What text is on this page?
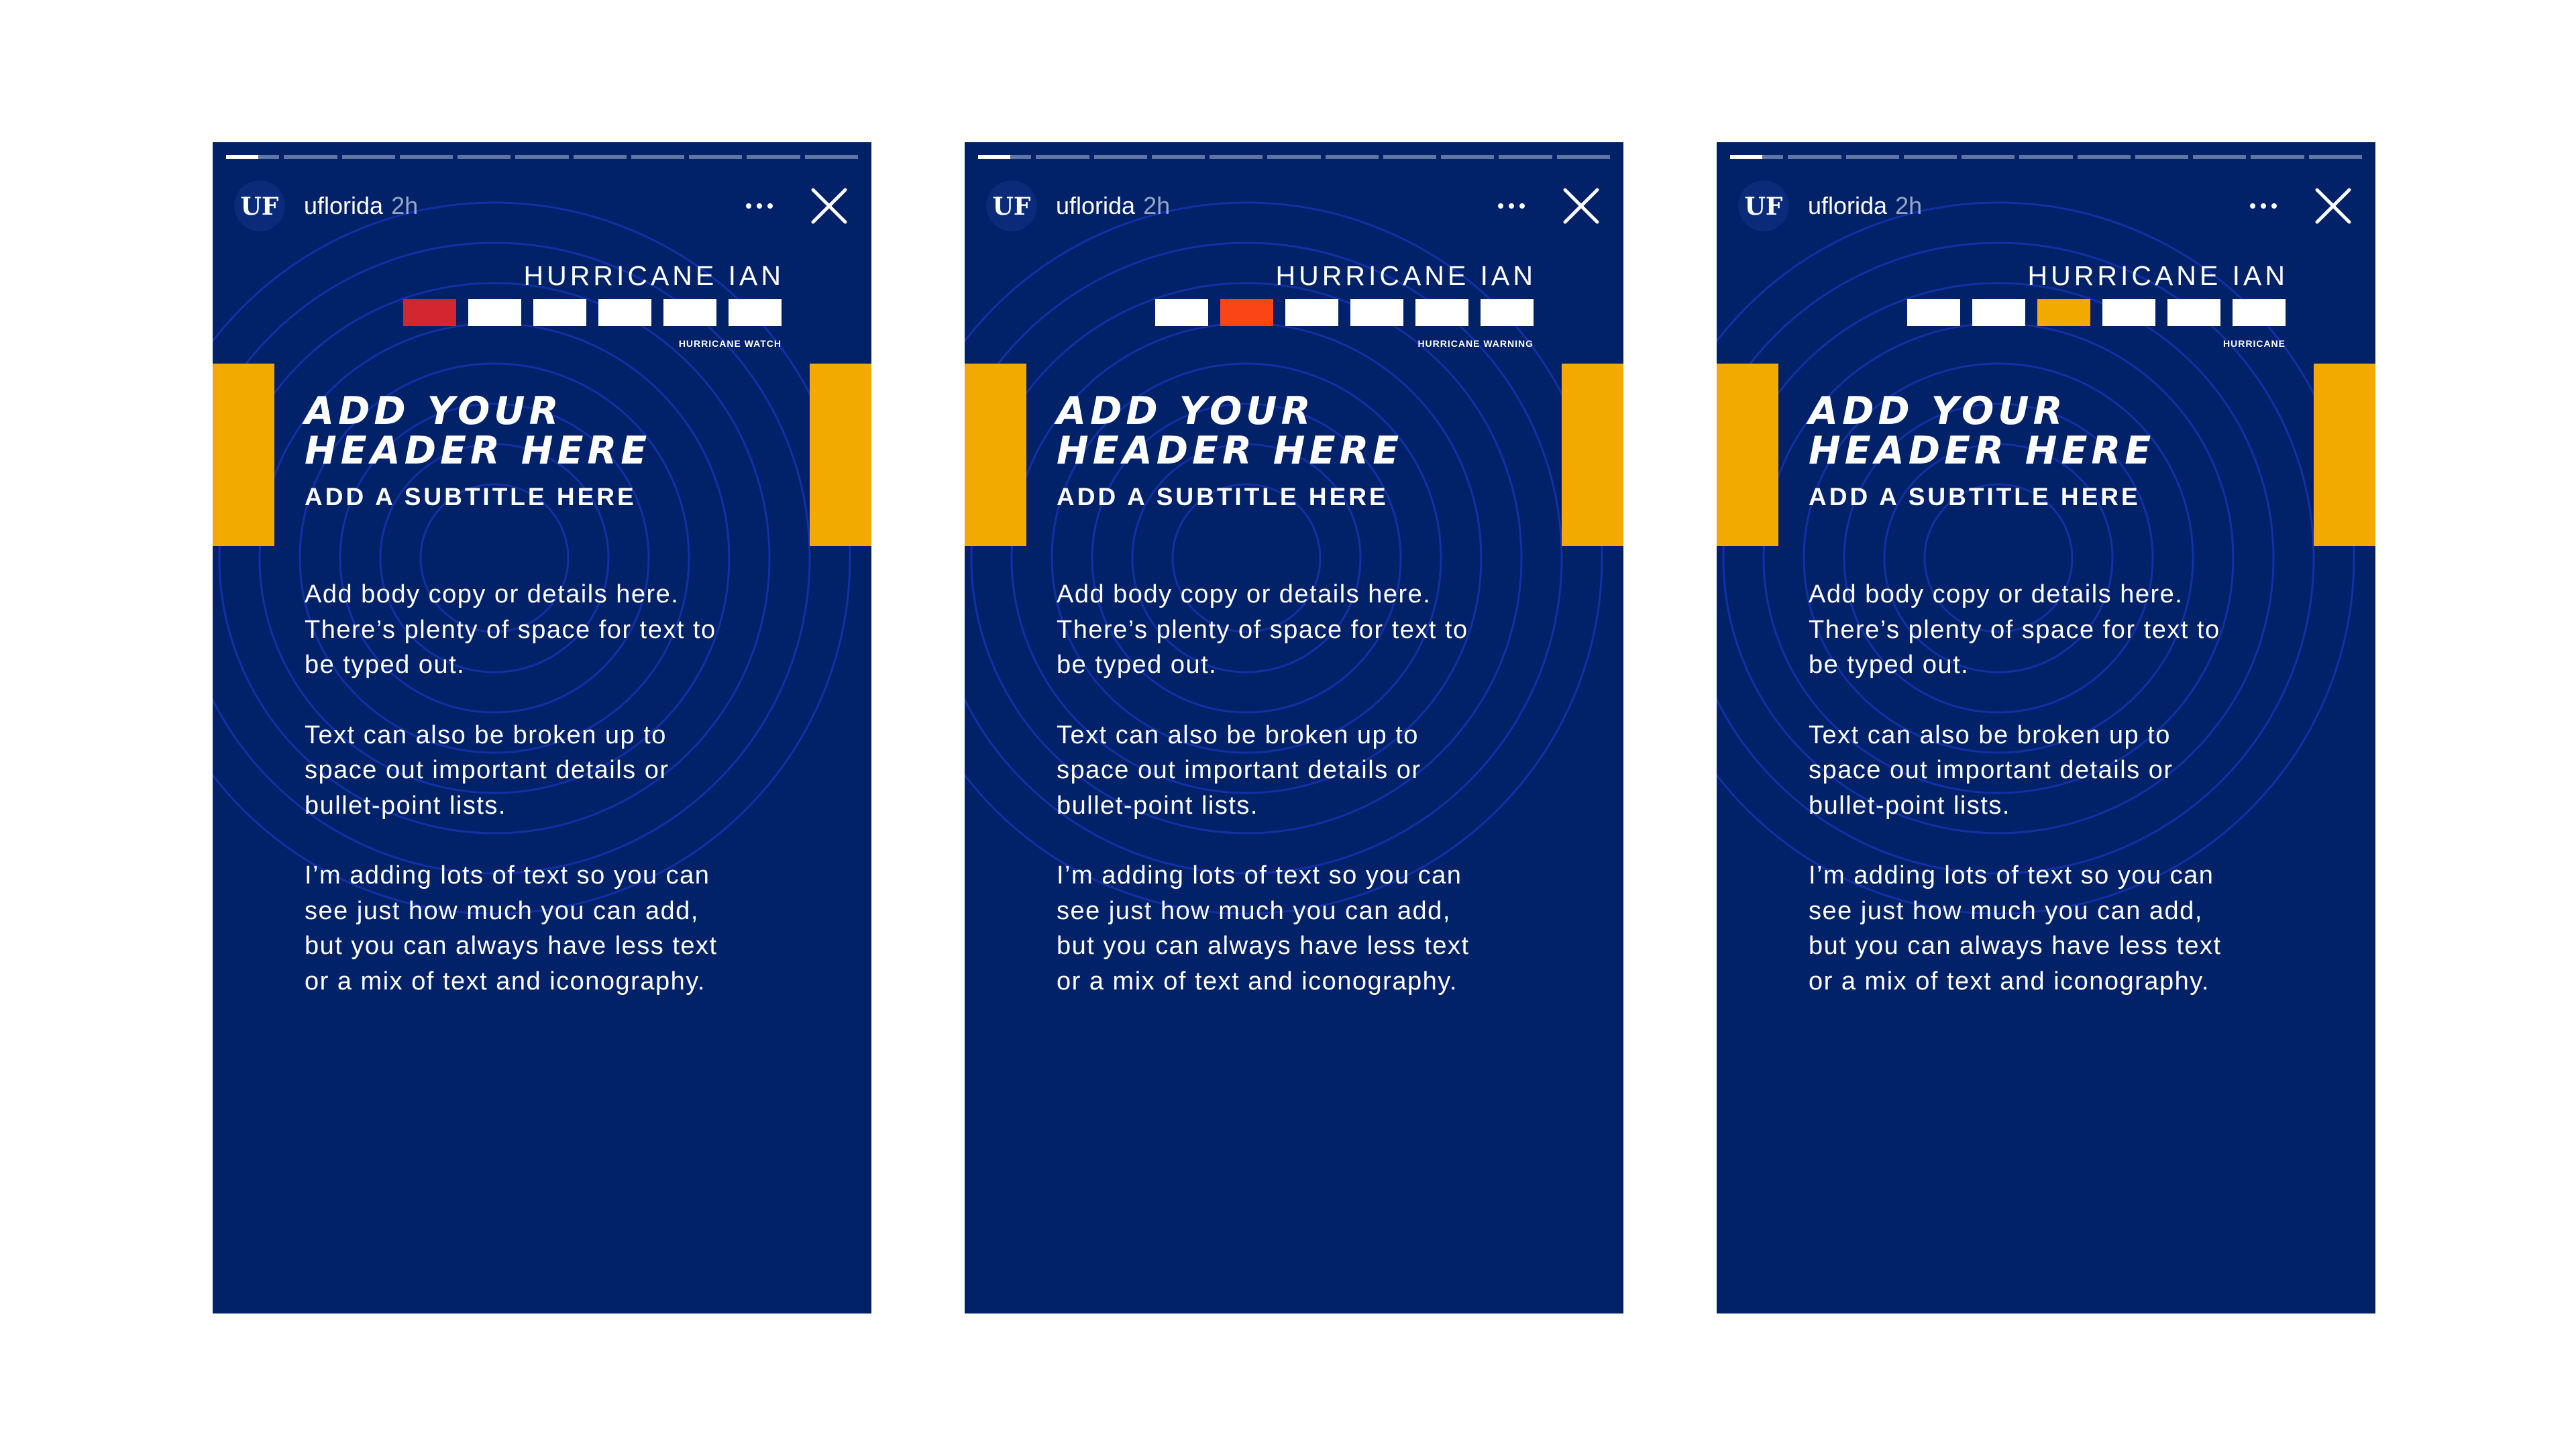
UF uflorida 2h
HURRICANE IAN
HURRICANE WATCH
ADD YOUR
HEADER HERE
ADD A SUBTITLE HERE

Add body copy or details here.
There’s plenty of space for text to
be typed out.

Text can also be broken up to
space out important details or
bullet-point lists.

I’m adding lots of text so you can
see just how much you can add,
but you can always have less text
or a mix of text and iconography.

UF uflorida 2h
HURRICANE IAN
HURRICANE WARNING
ADD YOUR
HEADER HERE
ADD A SUBTITLE HERE

Add body copy or details here.
There’s plenty of space for text to
be typed out.

Text can also be broken up to
space out important details or
bullet-point lists.

I’m adding lots of text so you can
see just how much you can add,
but you can always have less text
or a mix of text and iconography.

UF uflorida 2h
HURRICANE IAN
HURRICANE
ADD YOUR
HEADER HERE
ADD A SUBTITLE HERE

Add body copy or details here.
There’s plenty of space for text to
be typed out.

Text can also be broken up to
space out important details or
bullet-point lists.

I’m adding lots of text so you can
see just how much you can add,
but you can always have less text
or a mix of text and iconography.
